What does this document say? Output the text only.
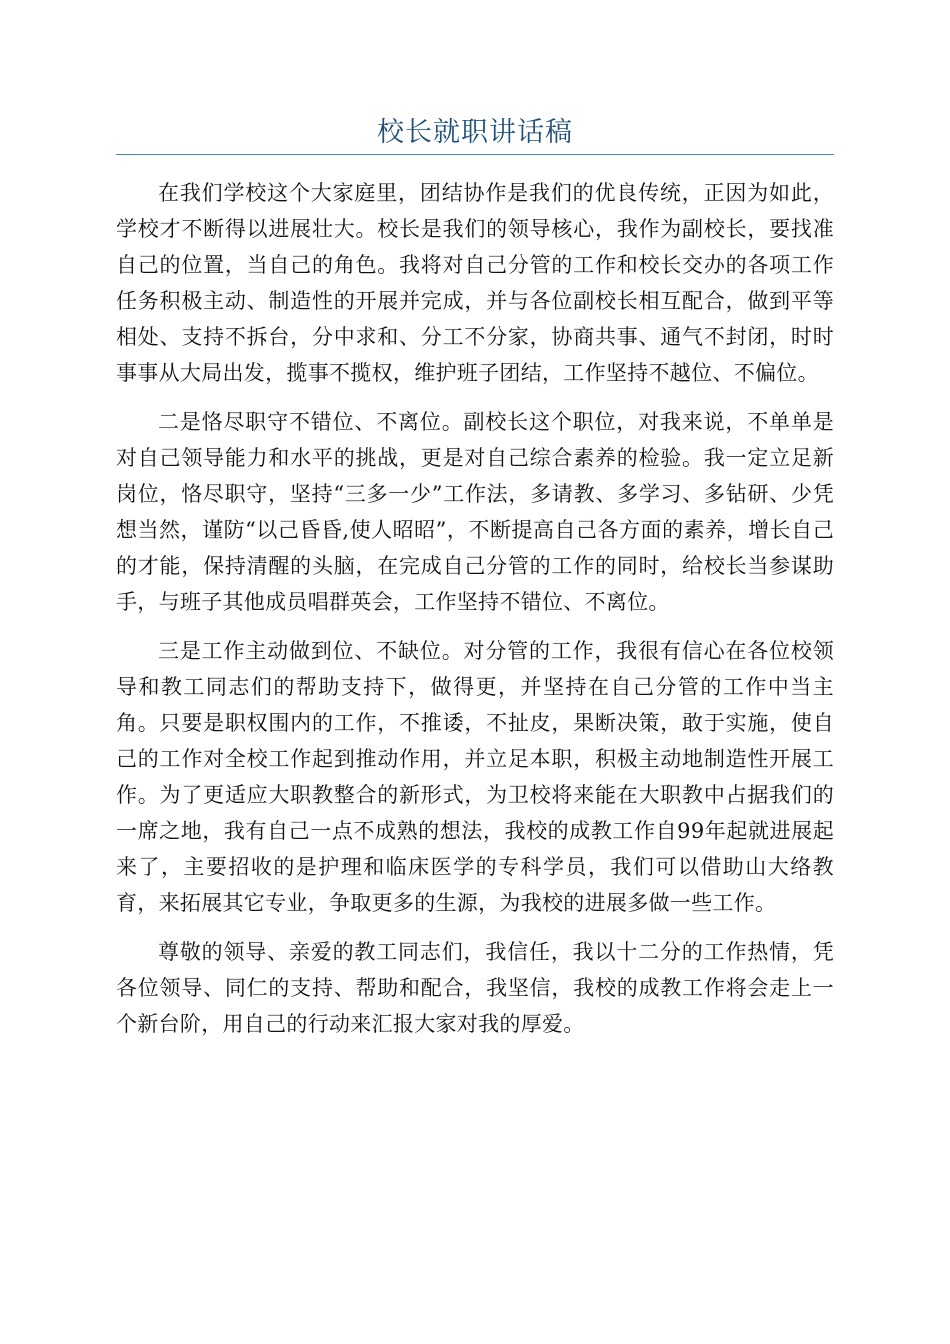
校长就职讲话稿

在我们学校这个大家庭里，团结协作是我们的优良传统，正因为如此，学校才不断得以进展壮大。校长是我们的领导核心，我作为副校长，要找准自己的位置，当自己的角色。我将对自己分管的工作和校长交办的各项工作任务积极主动、制造性的开展并完成，并与各位副校长相互配合，做到平等相处、支持不拆台，分中求和、分工不分家，协商共事、通气不封闭，时时事事从大局出发，揽事不揽权，维护班子团结，工作坚持不越位、不偏位。

二是恪尽职守不错位、不离位。副校长这个职位，对我来说，不单单是对自己领导能力和水平的挑战，更是对自己综合素养的检验。我一定立足新岗位，恪尽职守，坚持“三多一少”工作法，多请教、多学习、多钻研、少凭想当然，谨防“以己昏昏,使人昭昭”，不断提高自己各方面的素养，增长自己的才能，保持清醒的头脑，在完成自己分管的工作的同时，给校长当参谋助手，与班子其他成员唱群英会，工作坚持不错位、不离位。

三是工作主动做到位、不缺位。对分管的工作，我很有信心在各位校领导和教工同志们的帮助支持下，做得更，并坚持在自己分管的工作中当主角。只要是职权围内的工作，不推诿，不扯皮，果断决策，敢于实施，使自己的工作对全校工作起到推动作用，并立足本职，积极主动地制造性开展工作。为了更适应大职教整合的新形式，为卫校将来能在大职教中占据我们的一席之地，我有自己一点不成熟的想法，我校的成教工作自99年起就进展起来了，主要招收的是护理和临床医学的专科学员，我们可以借助山大络教育，来拓展其它专业，争取更多的生源，为我校的进展多做一些工作。

尊敬的领导、亲爱的教工同志们，我信任，我以十二分的工作热情，凭各位领导、同仁的支持、帮助和配合，我坚信，我校的成教工作将会走上一个新台阶，用自己的行动来汇报大家对我的厚爱。
